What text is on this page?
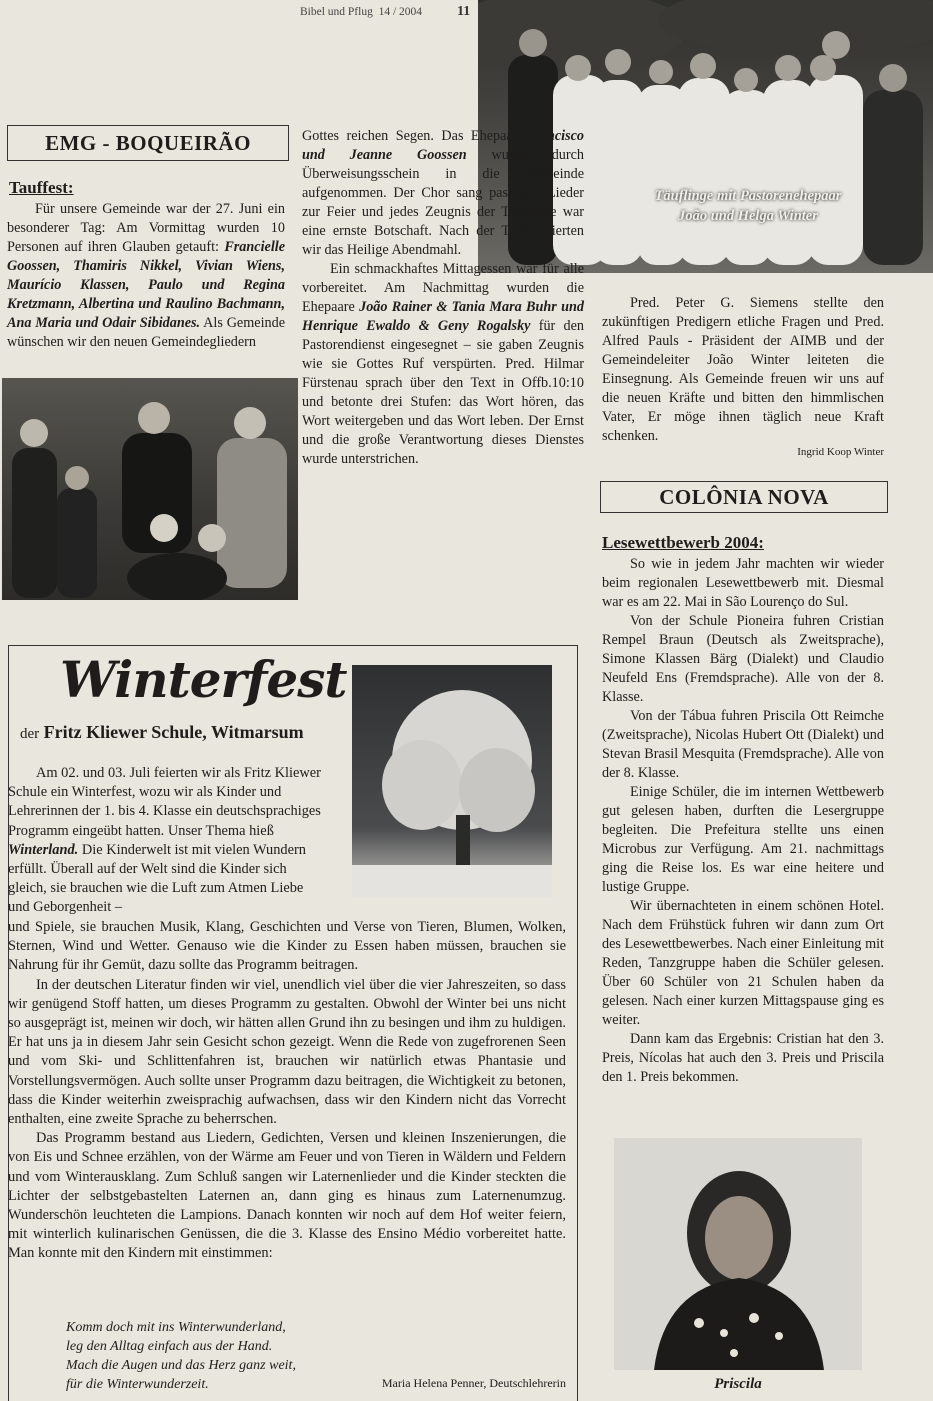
Bibel und Pflug  14 / 2004 11
Täuflinge mit Pastorenehepaar
João und Helga Winter
EMG - BOQUEIRÃO
Tauffest:

Für unsere Gemeinde war der 27. Juni ein besonderer Tag: Am Vormittag wurden 10 Personen auf ihren Glauben getauft: Francielle Goossen, Thamiris Nikkel, Vivian Wiens, Maurício Klassen, Paulo und Regina Kretzmann, Albertina und Raulino Bachmann, Ana Maria und Odair Sibidanes. Als Gemeinde wünschen wir den neuen Gemeindegliedern

Gottes reichen Segen. Das Ehepaar Francisco und Jeanne Goossen wurde durch Überweisungsschein in die Gemeinde aufgenommen. Der Chor sang passende Lieder zur Feier und jedes Zeugnis der Täuflinge war eine ernste Botschaft. Nach der Taufe feierten wir das Heilige Abendmahl.

Ein schmackhaftes Mittagessen war für alle vorbereitet. Am Nachmittag wurden die Ehepaare João Rainer & Tania Mara Buhr und Henrique Ewaldo & Geny Rogalsky für den Pastorendienst eingesegnet – sie gaben Zeugnis wie sie Gottes Ruf verspürten. Pred. Hilmar Fürstenau sprach über den Text in Offb.10:10 und betonte drei Stufen: das Wort hören, das Wort weitergeben und das Wort leben. Der Ernst und die große Verantwortung dieses Dienstes wurde unterstrichen.

Pred. Peter G. Siemens stellte den zukünftigen Predigern etliche Fragen und Pred. Alfred Pauls - Präsident der AIMB und der Gemeindeleiter João Winter leiteten die Einsegnung. Als Gemeinde freuen wir uns auf die neuen Kräfte und bitten den himmlischen Vater, Er möge ihnen täglich neue Kraft schenken.

Ingrid Koop Winter
COLÔNIA NOVA
Lesewettbewerb 2004:

So wie in jedem Jahr machten wir wieder beim regionalen Lesewettbewerb mit. Diesmal war es am 22. Mai in São Lourenço do Sul.

Von der Schule Pioneira fuhren Cristian Rempel Braun (Deutsch als Zweitsprache), Simone Klassen Bärg (Dialekt) und Claudio Neufeld Ens (Fremdsprache). Alle von der 8. Klasse.

Von der Tábua fuhren Priscila Ott Reimche (Zweitsprache), Nicolas Hubert Ott (Dialekt) und Stevan Brasil Mesquita (Fremdsprache). Alle von der 8. Klasse.

Einige Schüler, die im internen Wettbewerb gut gelesen haben, durften die Lesergruppe begleiten. Die Prefeitura stellte uns einen Microbus zur Verfügung. Am 21. nachmittags ging die Reise los. Es war eine heitere und lustige Gruppe.

Wir übernachteten in einem schönen Hotel. Nach dem Frühstück fuhren wir dann zum Ort des Lesewettbewerbes. Nach einer Einleitung mit Reden, Tanzgruppe haben die Schüler gelesen. Über 60 Schüler von 21 Schulen haben da gelesen. Nach einer kurzen Mittagspause ging es weiter.

Dann kam das Ergebnis: Cristian hat den 3. Preis, Nícolas hat auch den 3. Preis und Priscila den 1. Preis bekommen.

Priscila
Winterfest
der Fritz Kliewer Schule, Witmarsum

Am 02. und 03. Juli feierten wir als Fritz Kliewer Schule ein Winterfest, wozu wir als Kinder und Lehrerinnen der 1. bis 4. Klasse ein deutschsprachiges Programm eingeübt hatten. Unser Thema hieß Winterland. Die Kinderwelt ist mit vielen Wundern erfüllt. Überall auf der Welt sind die Kinder sich gleich, sie brauchen wie die Luft zum Atmen Liebe und Geborgenheit –

und Spiele, sie brauchen Musik, Klang, Geschichten und Verse von Tieren, Blumen, Wolken, Sternen, Wind und Wetter. Genauso wie die Kinder zu Essen haben müssen, brauchen sie Nahrung für ihr Gemüt, dazu sollte das Programm beitragen.

In der deutschen Literatur finden wir viel, unendlich viel über die vier Jahreszeiten, so dass wir genügend Stoff hatten, um dieses Programm zu gestalten. Obwohl der Winter bei uns nicht so ausgeprägt ist, meinen wir doch, wir hätten allen Grund ihn zu besingen und ihm zu huldigen. Er hat uns ja in diesem Jahr sein Gesicht schon gezeigt. Wenn die Rede von zugefrorenen Seen und vom Ski- und Schlittenfahren ist, brauchen wir natürlich etwas Phantasie und Vorstellungsvermögen. Auch sollte unser Programm dazu beitragen, die Wichtigkeit zu betonen, dass die Kinder weiterhin zweisprachig aufwachsen, dass wir den Kindern nicht das Vorrecht enthalten, eine zweite Sprache zu beherrschen.

Das Programm bestand aus Liedern, Gedichten, Versen und kleinen Inszenierungen, die von Eis und Schnee erzählen, von der Wärme am Feuer und von Tieren in Wäldern und Feldern und vom Winterausklang. Zum Schluß sangen wir Laternenlieder und die Kinder steckten die Lichter der selbstgebastelten Laternen an, dann ging es hinaus zum Laternenumzug. Wunderschön leuchteten die Lampions. Danach konnten wir noch auf dem Hof weiter feiern, mit winterlich kulinarischen Genüssen, die die 3. Klasse des Ensino Médio vorbereitet hatte. Man konnte mit den Kindern mit einstimmen:

Komm doch mit ins Winterwunderland,
leg den Alltag einfach aus der Hand.
Mach die Augen und das Herz ganz weit,
für die Winterwunderzeit.	Maria Helena Penner, Deutschlehrerin
